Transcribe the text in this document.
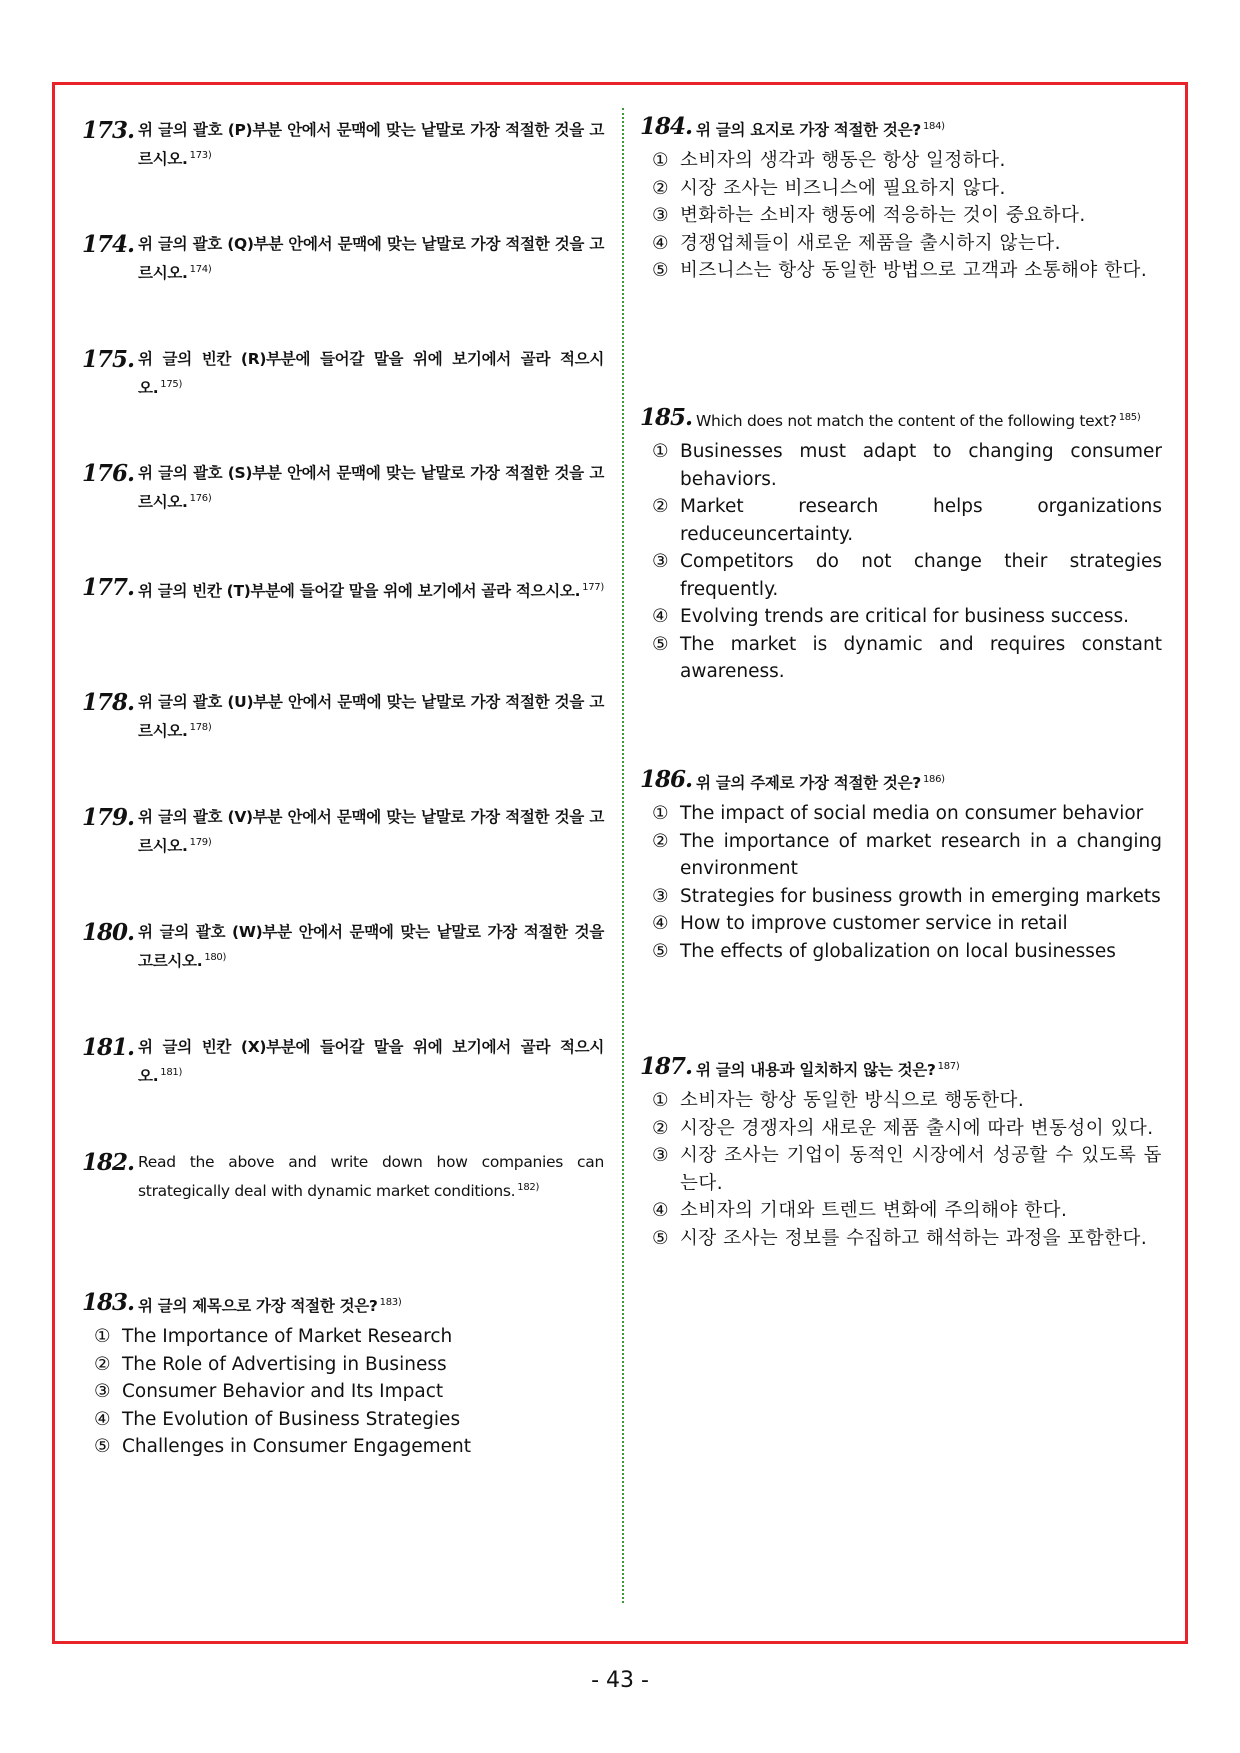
173. 위 글의 괄호 (P)부분 안에서 문맥에 맞는 낱말로 가장 적절한 것을 고르시오. $^{173)}$
174. 위 글의 괄호 (Q)부분 안에서 문맥에 맞는 낱말로 가장 적절한 것을 고르시오. $^{174)}$
175. 위 글의 빈칸 (R)부분에 들어갈 말을 위에 보기에서 골라 적으시오. $^{175)}$
176. 위 글의 괄호 (S)부분 안에서 문맥에 맞는 낱말로 가장 적절한 것을 고르시오. $^{176)}$
177. 위 글의 빈칸 (T)부분에 들어갈 말을 위에 보기에서 골라 적으시오. $^{177)}$
178. 위 글의 괄호 (U)부분 안에서 문맥에 맞는 낱말로 가장 적절한 것을 고르시오. $^{178)}$
179. 위 글의 괄호 (V)부분 안에서 문맥에 맞는 낱말로 가장 적절한 것을 고르시오. $^{179)}$
180. 위 글의 괄호 (W)부분 안에서 문맥에 맞는 낱말로 가장 적절한 것을 고르시오. $^{180)}$
181. 위 글의 빈칸 (X)부분에 들어갈 말을 위에 보기에서 골라 적으시오. $^{181)}$
182. Read the above and write down how companies can strategically deal with dynamic market conditions. $^{182)}$
183. 위 글의 제목으로 가장 적절한 것은? $^{183)}$
① The Importance of Market Research
② The Role of Advertising in Business
③ Consumer Behavior and Its Impact
④ The Evolution of Business Strategies
⑤ Challenges in Consumer Engagement
184. 위 글의 요지로 가장 적절한 것은? $^{184)}$
① 소비자의 생각과 행동은 항상 일정하다.
② 시장 조사는 비즈니스에 필요하지 않다.
③ 변화하는 소비자 행동에 적응하는 것이 중요하다.
④ 경쟁업체들이 새로운 제품을 출시하지 않는다.
⑤ 비즈니스는 항상 동일한 방법으로 고객과 소통해야 한다.
185. Which does not match the content of the following text? $^{185)}$
① Businesses must adapt to changing consumer behaviors.
② Market research helps organizations reduceuncertainty.
③ Competitors do not change their strategies frequently.
④ Evolving trends are critical for business success.
⑤ The market is dynamic and requires constant awareness.
186. 위 글의 주제로 가장 적절한 것은? $^{186)}$
① The impact of social media on consumer behavior
② The importance of market research in a changing environment
③ Strategies for business growth in emerging markets
④ How to improve customer service in retail
⑤ The effects of globalization on local businesses
187. 위 글의 내용과 일치하지 않는 것은? $^{187)}$
① 소비자는 항상 동일한 방식으로 행동한다.
② 시장은 경쟁자의 새로운 제품 출시에 따라 변동성이 있다.
③ 시장 조사는 기업이 동적인 시장에서 성공할 수 있도록 돕는다.
④ 소비자의 기대와 트렌드 변화에 주의해야 한다.
⑤ 시장 조사는 정보를 수집하고 해석하는 과정을 포함한다.
- 43 -
